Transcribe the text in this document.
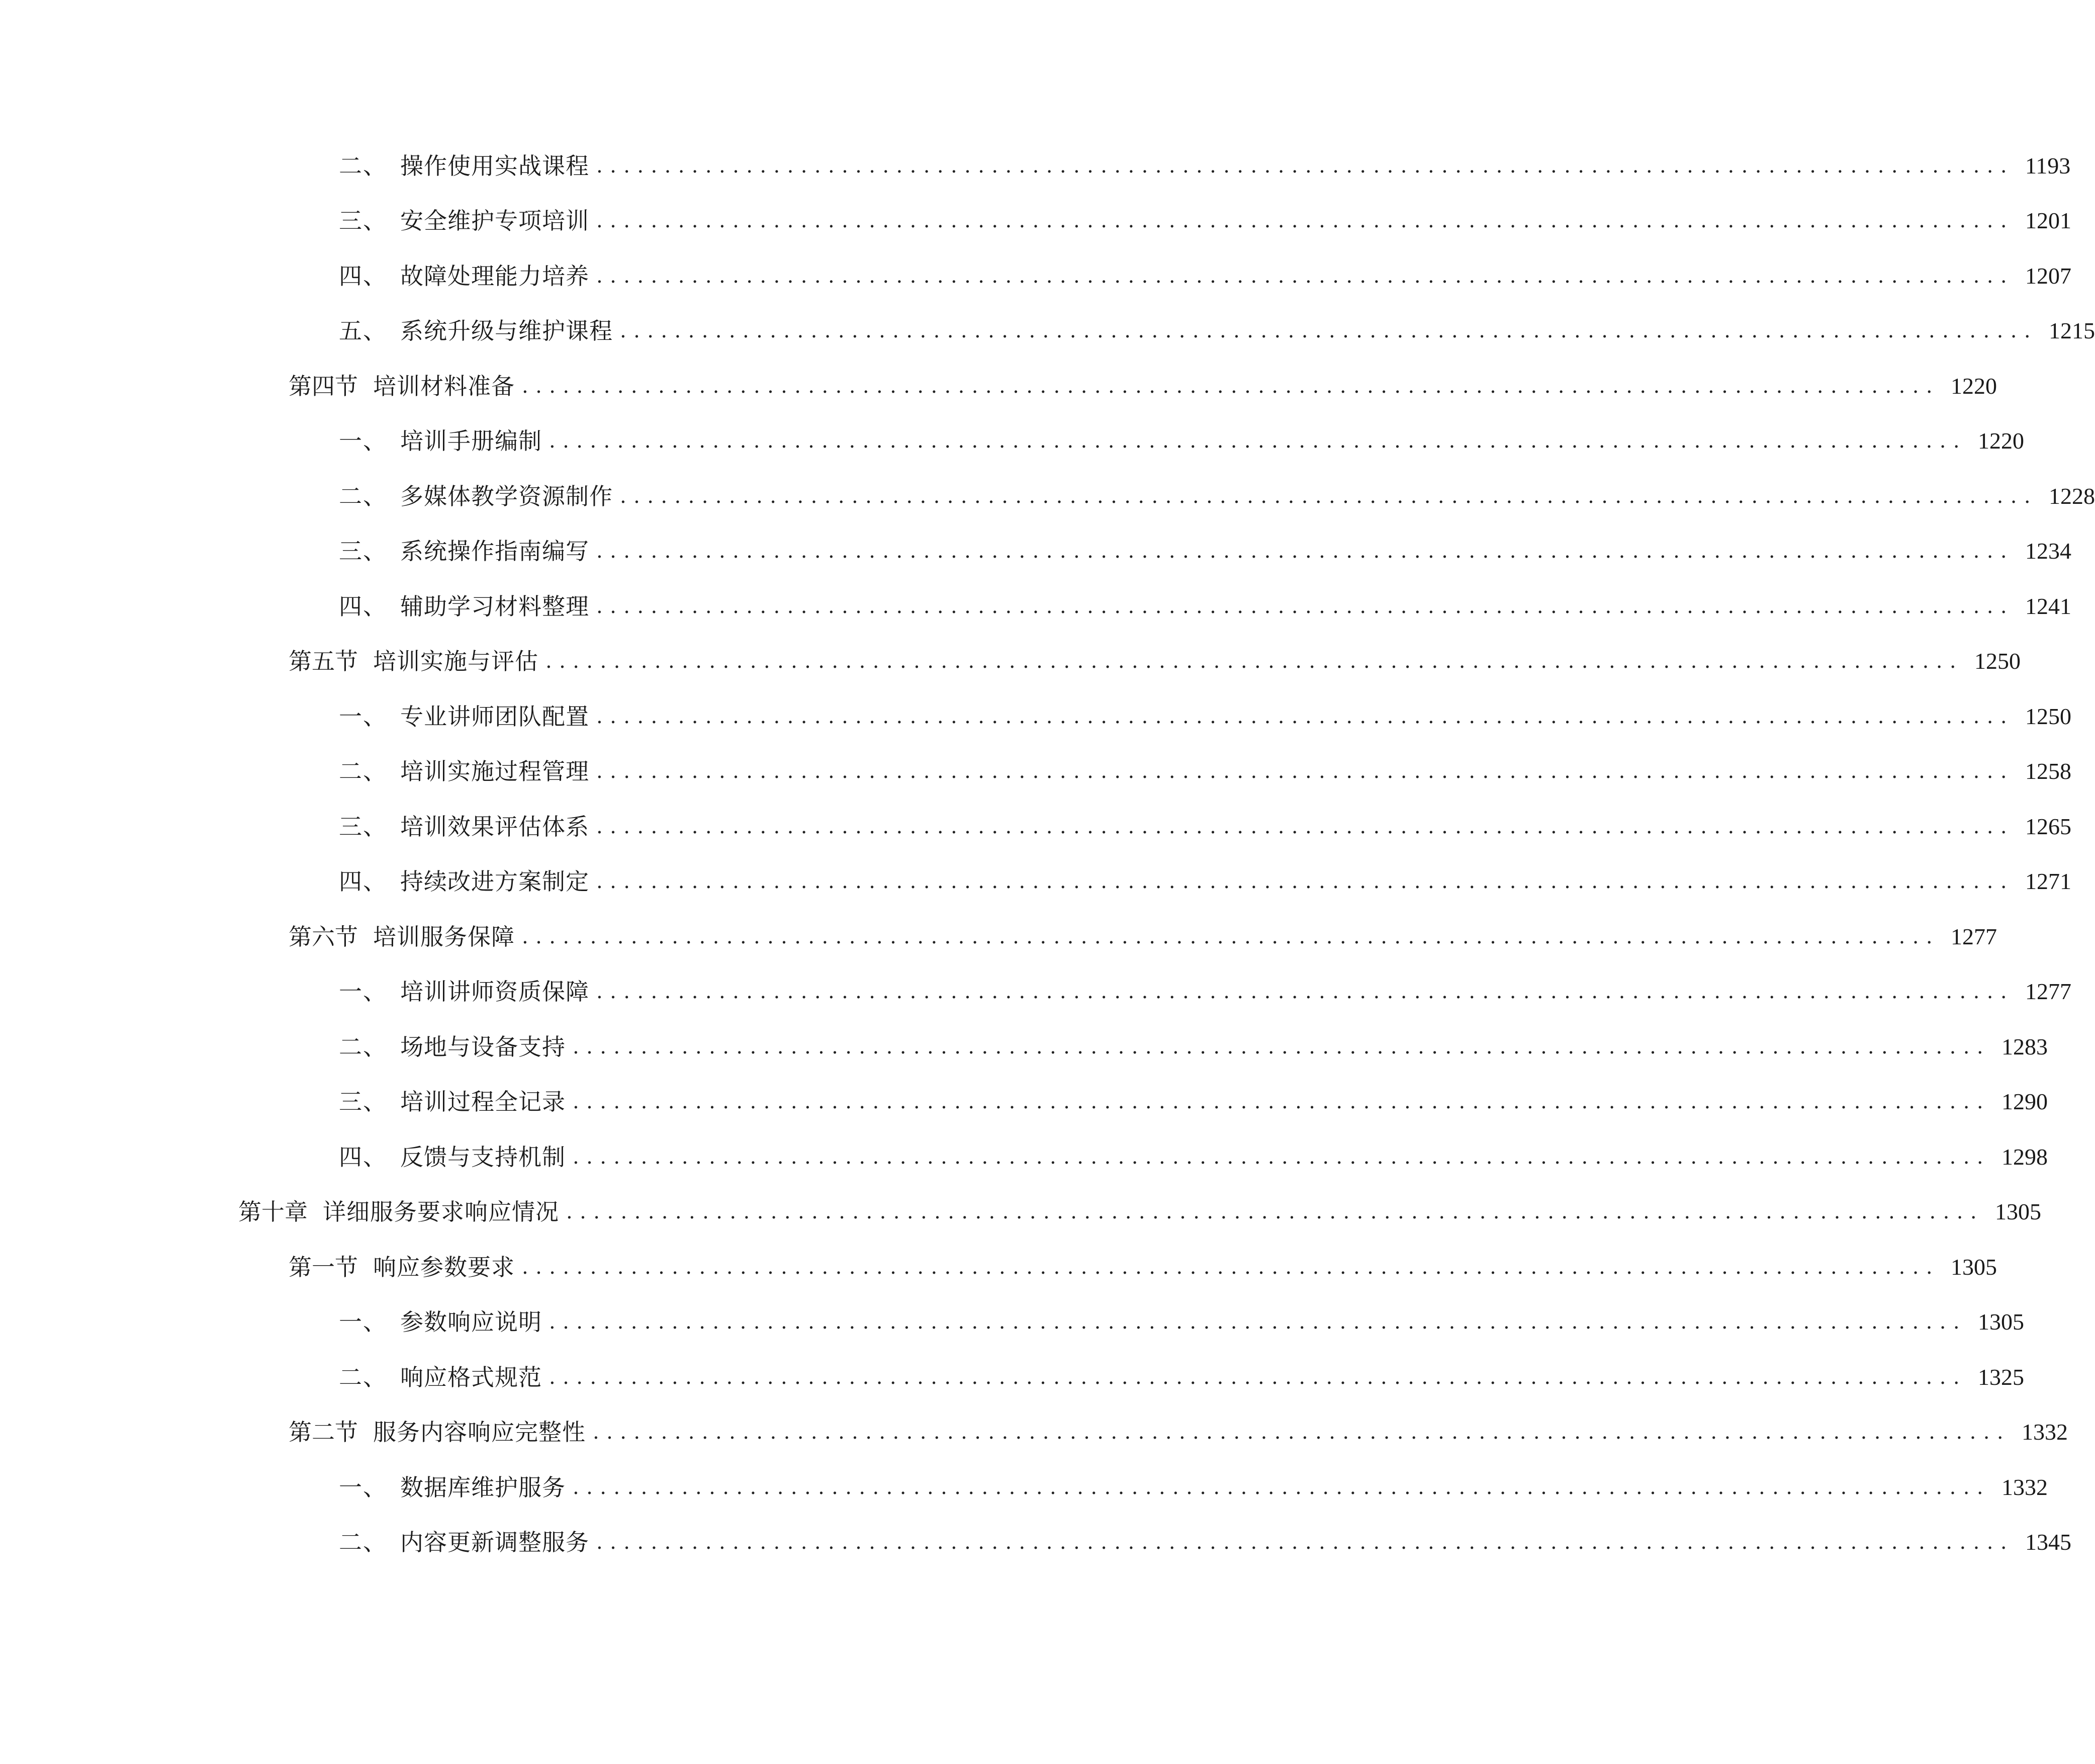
二、 操作使用实战课程 ........................................................................................................ 1193
三、 安全维护专项培训 ........................................................................................................ 1201
四、 故障处理能力培养 ........................................................................................................ 1207
五、 系统升级与维护课程 ........................................................................................................ 1215
第四节 培训材料准备 ........................................................................................................ 1220
一、 培训手册编制 ........................................................................................................ 1220
二、 多媒体教学资源制作 ........................................................................................................ 1228
三、 系统操作指南编写 ........................................................................................................ 1234
四、 辅助学习材料整理 ........................................................................................................ 1241
第五节 培训实施与评估 ........................................................................................................ 1250
一、 专业讲师团队配置 ........................................................................................................ 1250
二、 培训实施过程管理 ........................................................................................................ 1258
三、 培训效果评估体系 ........................................................................................................ 1265
四、 持续改进方案制定 ........................................................................................................ 1271
第六节 培训服务保障 ........................................................................................................ 1277
一、 培训讲师资质保障 ........................................................................................................ 1277
二、 场地与设备支持 ........................................................................................................ 1283
三、 培训过程全记录 ........................................................................................................ 1290
四、 反馈与支持机制 ........................................................................................................ 1298
第十章 详细服务要求响应情况 ........................................................................................................ 1305
第一节 响应参数要求 ........................................................................................................ 1305
一、 参数响应说明 ........................................................................................................ 1305
二、 响应格式规范 ........................................................................................................ 1325
第二节 服务内容响应完整性 ........................................................................................................ 1332
一、 数据库维护服务 ........................................................................................................ 1332
二、 内容更新调整服务 ........................................................................................................ 1345
